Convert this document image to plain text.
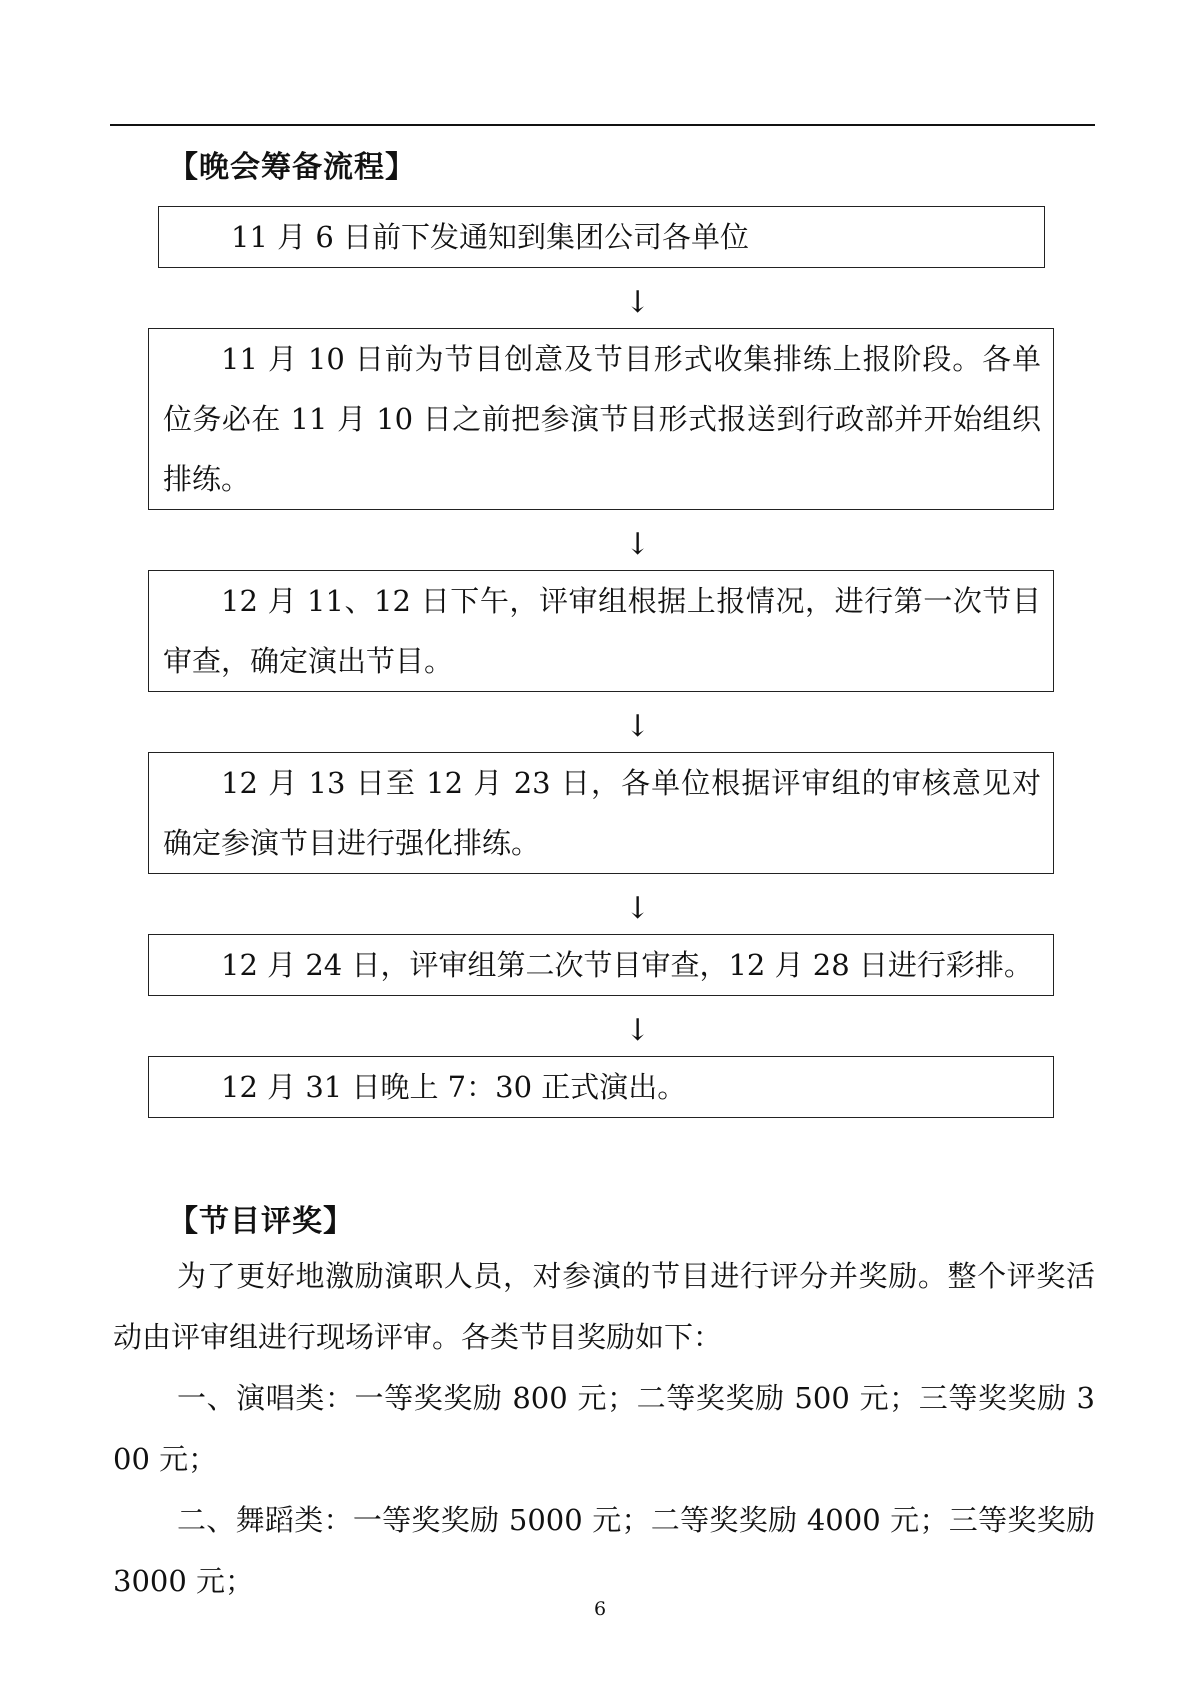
【晚会筹备流程】
11 月 6 日前下发通知到集团公司各单位
↓
11 月 10 日前为节目创意及节目形式收集排练上报阶段。各单位务必在 11 月 10 日之前把参演节目形式报送到行政部并开始组织排练。
↓
12 月 11、12 日下午，评审组根据上报情况，进行第一次节目审查，确定演出节目。
↓
12 月 13 日至 12 月 23 日，各单位根据评审组的审核意见对确定参演节目进行强化排练。
↓
12 月 24 日，评审组第二次节目审查，12 月 28 日进行彩排。
↓
12 月 31 日晚上 7：30 正式演出。
【节目评奖】
为了更好地激励演职人员，对参演的节目进行评分并奖励。整个评奖活动由评审组进行现场评审。各类节目奖励如下：
一、演唱类：一等奖奖励 800 元；二等奖奖励 500 元；三等奖奖励 300 元；
二、舞蹈类：一等奖奖励 5000 元；二等奖奖励 4000 元；三等奖奖励 3000 元；
6
